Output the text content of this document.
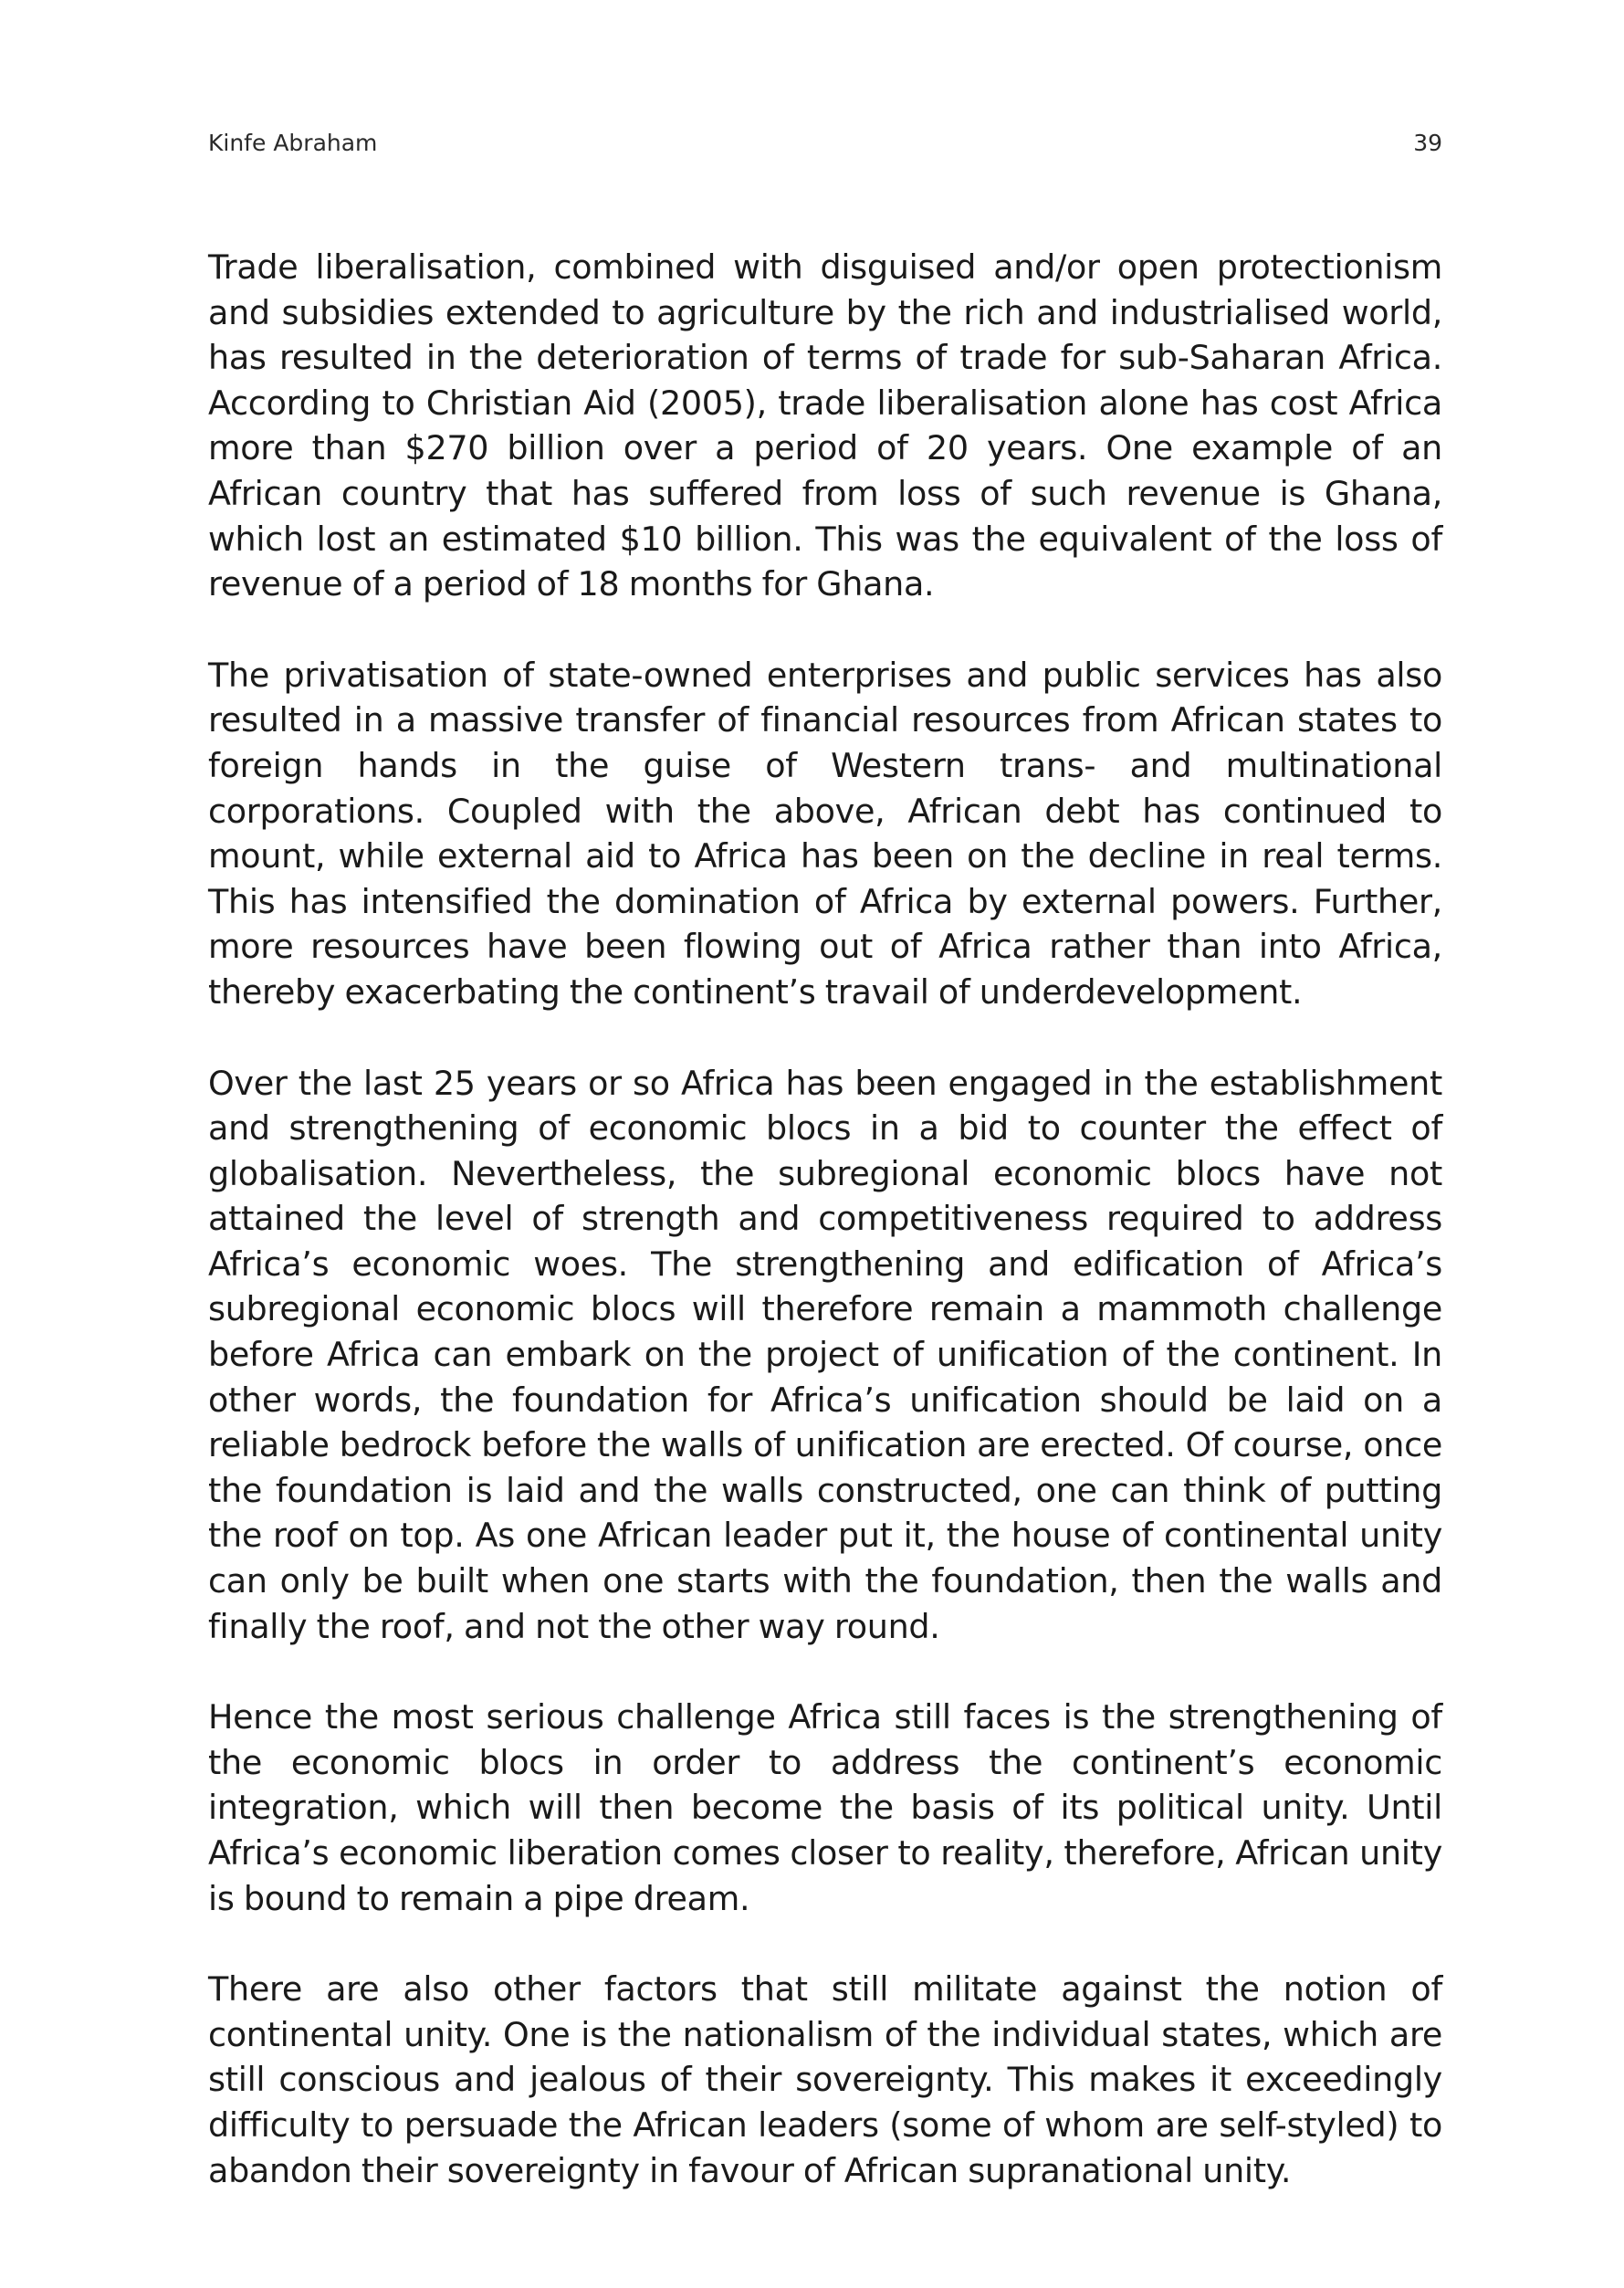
Kinfe Abraham	39

Trade liberalisation, combined with disguised and/or open protectionism and subsidies extended to agriculture by the rich and industrialised world, has resulted in the deterioration of terms of trade for sub-Saharan Africa. According to Christian Aid (2005), trade liberalisation alone has cost Africa more than $270 billion over a period of 20 years. One example of an African country that has suffered from loss of such revenue is Ghana, which lost an estimated $10 billion. This was the equivalent of the loss of revenue of a period of 18 months for Ghana.

The privatisation of state-owned enterprises and public services has also resulted in a massive transfer of financial resources from African states to foreign hands in the guise of Western trans- and multinational corporations. Coupled with the above, African debt has continued to mount, while external aid to Africa has been on the decline in real terms. This has intensified the domination of Africa by external powers. Further, more resources have been flowing out of Africa rather than into Africa, thereby exacerbating the continent’s travail of underdevelopment.

Over the last 25 years or so Africa has been engaged in the establishment and strengthening of economic blocs in a bid to counter the effect of globalisation. Nevertheless, the subregional economic blocs have not attained the level of strength and competitiveness required to address Africa’s economic woes. The strengthening and edification of Africa’s subregional economic blocs will therefore remain a mammoth challenge before Africa can embark on the project of unification of the continent. In other words, the foundation for Africa’s unification should be laid on a reliable bedrock before the walls of unification are erected. Of course, once the foundation is laid and the walls constructed, one can think of putting the roof on top. As one African leader put it, the house of continental unity can only be built when one starts with the foundation, then the walls and finally the roof, and not the other way round.

Hence the most serious challenge Africa still faces is the strengthening of the economic blocs in order to address the continent’s economic integration, which will then become the basis of its political unity. Until Africa’s economic liberation comes closer to reality, therefore, African unity is bound to remain a pipe dream.

There are also other factors that still militate against the notion of continental unity. One is the nationalism of the individual states, which are still conscious and jealous of their sovereignty. This makes it exceedingly difficulty to persuade the African leaders (some of whom are self-styled) to abandon their sovereignty in favour of African supranational unity.
